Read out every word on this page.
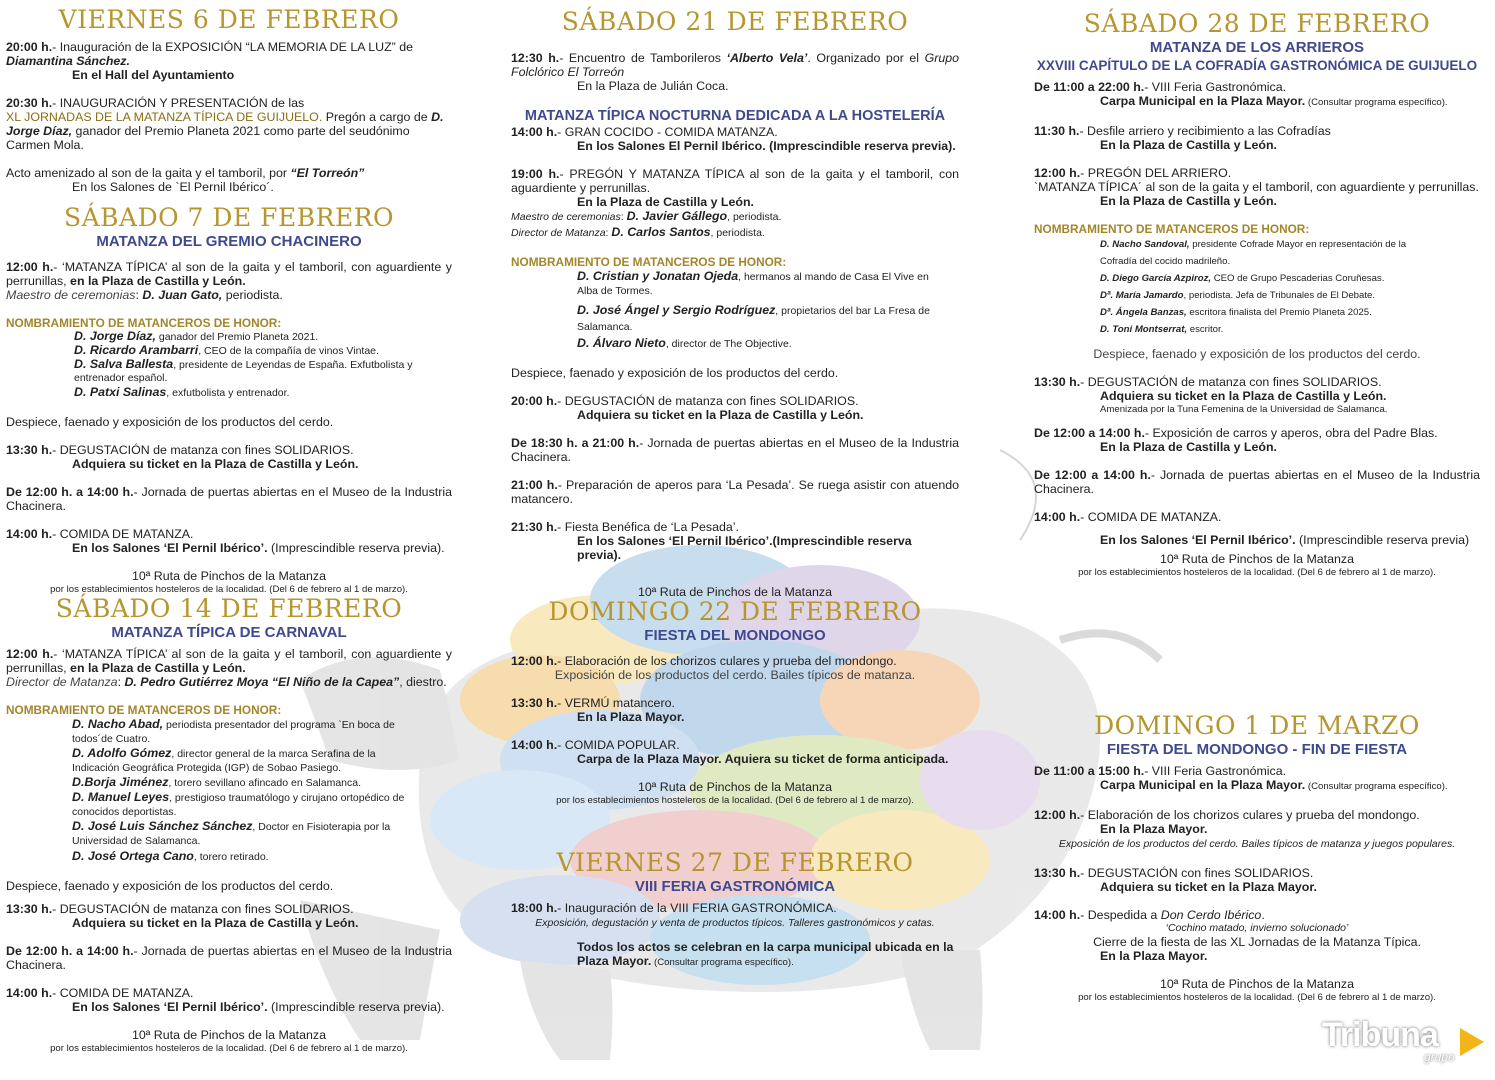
VIERNES 6 DE FEBRERO

20:00 h.- Inauguración de la EXPOSICIÓN “LA MEMORIA DE LA LUZ” de
Diamantina Sánchez.

En el Hall del Ayuntamiento

20:30 h.- INAUGURACIÓN Y PRESENTACIÓN de las
XL JORNADAS DE LA MATANZA TÍPICA DE GUIJUELO. Pregón a cargo de D. Jorge Díaz, ganador del Premio Planeta 2021 como parte del seudónimo Carmen Mola.

Acto amenizado al son de la gaita y el tamboril, por “El Torreón”

En los Salones de `El Pernil Ibérico´.

SÁBADO 7 DE FEBRERO
MATANZA DEL GREMIO CHACINERO

12:00 h.- ‘MATANZA TÍPICA’ al son de la gaita y el tamboril, con aguardiente y perrunillas, en la Plaza de Castilla y León.

Maestro de ceremonias: D. Juan Gato, periodista.

NOMBRAMIENTO DE MATANCEROS DE HONOR:

D. Jorge Díaz, ganador del Premio Planeta 2021.

D. Ricardo Arambarri, CEO de la compañía de vinos Vintae.

D. Salva Ballesta, presidente de Leyendas de España. Exfutbolista y entrenador español.

D. Patxi Salinas, exfutbolista y entrenador.

Despiece, faenado y exposición de los productos del cerdo.

13:30 h.- DEGUSTACIÓN de matanza con fines SOLIDARIOS.

Adquiera su ticket en la Plaza de Castilla y León.

De 12:00 h. a 14:00 h.- Jornada de puertas abiertas en el Museo de la Industria Chacinera.

14:00 h.- COMIDA DE MATANZA.

En los Salones ‘El Pernil Ibérico’. (Imprescindible reserva previa).

10ª Ruta de Pinchos de la Matanza

por los establecimientos hosteleros de la localidad. (Del 6 de febrero al 1 de marzo).

SÁBADO 14 DE FEBRERO
MATANZA TÍPICA DE CARNAVAL

12:00 h.- ‘MATANZA TÍPICA’ al son de la gaita y el tamboril, con aguardiente y perrunillas, en la Plaza de Castilla y León.

Director de Matanza: D. Pedro Gutiérrez Moya “El Niño de la Capea”, diestro.

NOMBRAMIENTO DE MATANCEROS DE HONOR:

D. Nacho Abad, periodista presentador del programa `En boca de todos´de Cuatro.

D. Adolfo Gómez, director general de la marca Serafina de la Indicación Geográfica Protegida (IGP) de Sobao Pasiego.

D.Borja Jiménez, torero sevillano afincado en Salamanca.

D. Manuel Leyes, prestigioso traumatólogo y cirujano ortopédico de conocidos deportistas.

D. José Luis Sánchez Sánchez, Doctor en Fisioterapia por la Universidad de Salamanca.

D. José Ortega Cano, torero retirado.

Despiece, faenado y exposición de los productos del cerdo.

13:30 h.- DEGUSTACIÓN de matanza con fines SOLIDARIOS.

Adquiera su ticket en la Plaza de Castilla y León.

De 12:00 h. a 14:00 h.- Jornada de puertas abiertas en el Museo de la Industria Chacinera.

14:00 h.- COMIDA DE MATANZA.

En los Salones ‘El Pernil Ibérico’. (Imprescindible reserva previa).

10ª Ruta de Pinchos de la Matanza

por los establecimientos hosteleros de la localidad. (Del 6 de febrero al 1 de marzo).

SÁBADO 21 DE FEBRERO

12:30 h.- Encuentro de Tamborileros ‘Alberto Vela’. Organizado por el Grupo Folclórico El Torreón

En la Plaza de Julián Coca.

MATANZA TÍPICA NOCTURNA DEDICADA A LA HOSTELERÍA

14:00 h.- GRAN COCIDO - COMIDA MATANZA.

En los Salones El Pernil Ibérico. (Imprescindible reserva previa).

19:00 h.- PREGÓN Y MATANZA TÍPICA al son de la gaita y el tamboril, con aguardiente y perrunillas.

En la Plaza de Castilla y León.

Maestro de ceremonias: D. Javier Gállego, periodista.

Director de Matanza: D. Carlos Santos, periodista.

NOMBRAMIENTO DE MATANCEROS DE HONOR:

D. Cristian y Jonatan Ojeda, hermanos al mando de Casa El Vive en Alba de Tormes.

D. José Ángel y Sergio Rodríguez, propietarios del bar La Fresa de Salamanca.

D. Álvaro Nieto, director de The Objective.

Despiece, faenado y exposición de los productos del cerdo.

20:00 h.- DEGUSTACIÓN de matanza con fines SOLIDARIOS.

Adquiera su ticket en la Plaza de Castilla y León.

De 18:30 h. a 21:00 h.- Jornada de puertas abiertas en el Museo de la Industria Chacinera.

21:00 h.- Preparación de aperos para ‘La Pesada’. Se ruega asistir con atuendo matancero.

21:30 h.- Fiesta Benéfica de ‘La Pesada’.

En los Salones ‘El Pernil Ibérico’.(Imprescindible reserva previa).

10ª Ruta de Pinchos de la Matanza

DOMINGO 22 DE FEBRERO
FIESTA DEL MONDONGO

12:00 h.- Elaboración de los chorizos culares y prueba del mondongo.

Exposición de los productos del cerdo. Bailes típicos de matanza.

13:30 h.- VERMÚ matancero.

En la Plaza Mayor.

14:00 h.- COMIDA POPULAR.

Carpa de la Plaza Mayor. Aquiera su ticket de forma anticipada.

10ª Ruta de Pinchos de la Matanza

por los establecimientos hosteleros de la localidad. (Del 6 de febrero al 1 de marzo).

VIERNES 27 DE FEBRERO
VIII FERIA GASTRONÓMICA

18:00 h.- Inauguración de la VIII FERIA GASTRONÓMICA.

Exposición, degustación y venta de productos típicos. Talleres gastronómicos y catas.

Todos los actos se celebran en la carpa municipal ubicada en la Plaza Mayor. (Consultar programa específico).

SÁBADO 28 DE FEBRERO
MATANZA DE LOS ARRIEROS
XXVIII CAPÍTULO DE LA COFRADÍA GASTRONÓMICA DE GUIJUELO

De 11:00 a 22:00 h.- VIII Feria Gastronómica.

Carpa Municipal en la Plaza Mayor. (Consultar programa específico).

11:30 h.- Desfile arriero y recibimiento a las Cofradías

En la Plaza de Castilla y León.

12:00 h.- PREGÓN DEL ARRIERO.

`MATANZA TÍPICA´ al son de la gaita y el tamboril, con aguardiente y perrunillas.

En la Plaza de Castilla y León.

NOMBRAMIENTO DE MATANCEROS DE HONOR:

D. Nacho Sandoval, presidente Cofrade Mayor en representación de la Cofradía del cocido madrileño.

D. Diego García Azpiroz, CEO de Grupo Pescaderias Coruñesas.

Dª. María Jamardo, periodista. Jefa de Tribunales de El Debate.

Dª. Ángela Banzas, escritora finalista del Premio Planeta 2025.

D. Toni Montserrat, escritor.

Despiece, faenado y exposición de los productos del cerdo.

13:30 h.- DEGUSTACIÓN de matanza con fines SOLIDARIOS.

Adquiera su ticket en la Plaza de Castilla y León.

Amenizada por la Tuna Femenina de la Universidad de Salamanca.

De 12:00 a 14:00 h.- Exposición de carros y aperos, obra del Padre Blas.

En la Plaza de Castilla y León.

De 12:00 a 14:00 h.- Jornada de puertas abiertas en el Museo de la Industria Chacinera.

14:00 h.- COMIDA DE MATANZA.

En los Salones ‘El Pernil Ibérico’. (Imprescindible reserva previa)

10ª Ruta de Pinchos de la Matanza

por los establecimientos hosteleros de la localidad. (Del 6 de febrero al 1 de marzo).

DOMINGO 1 DE MARZO
FIESTA DEL MONDONGO - FIN DE FIESTA

De 11:00 a 15:00 h.- VIII Feria Gastronómica.

Carpa Municipal en la Plaza Mayor. (Consultar programa específico).

12:00 h.- Elaboración de los chorizos culares y prueba del mondongo.

En la Plaza Mayor.

Exposición de los productos del cerdo. Bailes típicos de matanza y juegos populares.

13:30 h.- DEGUSTACIÓN con fines SOLIDARIOS.

Adquiera su ticket en la Plaza Mayor.

14:00 h.- Despedida a Don Cerdo Ibérico.

‘Cochino matado, invierno solucionado’

Cierre de la fiesta de las XL Jornadas de la Matanza Típica.

En la Plaza Mayor.

10ª Ruta de Pinchos de la Matanza

por los establecimientos hosteleros de la localidad. (Del 6 de febrero al 1 de marzo).

Tribuna
grupo
